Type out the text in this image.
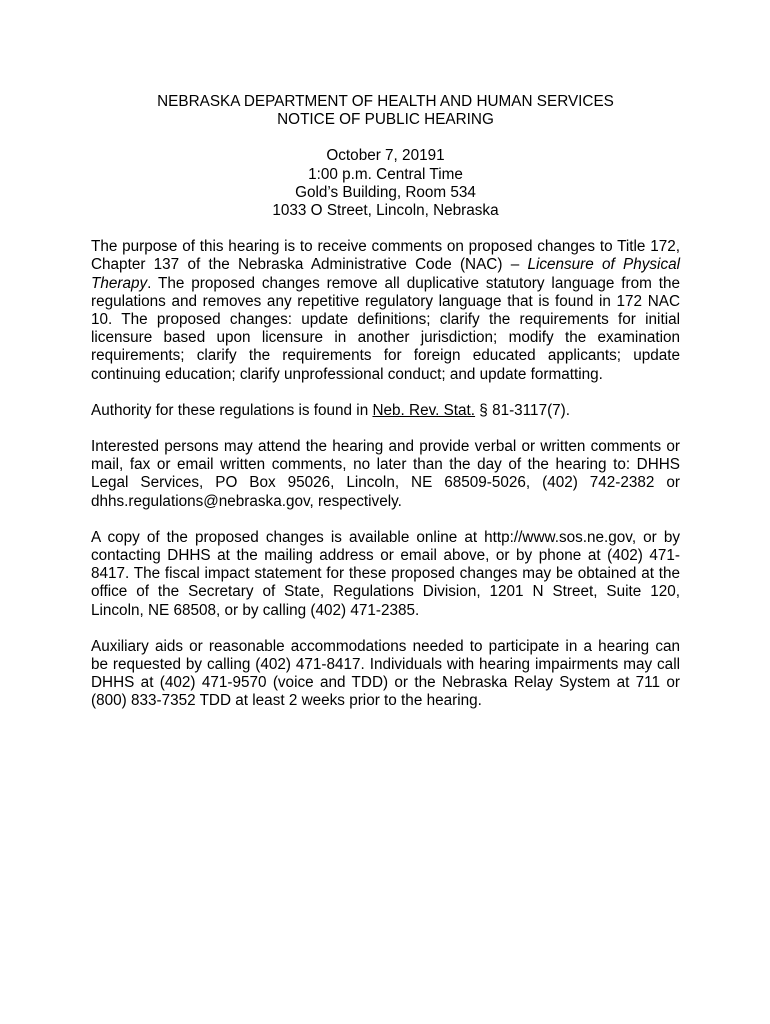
NEBRASKA DEPARTMENT OF HEALTH AND HUMAN SERVICES
NOTICE OF PUBLIC HEARING
October 7, 20191
1:00 p.m. Central Time
Gold’s Building, Room 534
1033 O Street, Lincoln, Nebraska

The purpose of this hearing is to receive comments on proposed changes to Title 172, Chapter 137 of the Nebraska Administrative Code (NAC) – Licensure of Physical Therapy. The proposed changes remove all duplicative statutory language from the regulations and removes any repetitive regulatory language that is found in 172 NAC 10. The proposed changes: update definitions; clarify the requirements for initial licensure based upon licensure in another jurisdiction; modify the examination requirements; clarify the requirements for foreign educated applicants; update continuing education; clarify unprofessional conduct; and update formatting.

Authority for these regulations is found in Neb. Rev. Stat. § 81-3117(7).

Interested persons may attend the hearing and provide verbal or written comments or mail, fax or email written comments, no later than the day of the hearing to: DHHS Legal Services, PO Box 95026, Lincoln, NE 68509-5026, (402) 742-2382 or dhhs.regulations@nebraska.gov, respectively.

A copy of the proposed changes is available online at http://www.sos.ne.gov, or by contacting DHHS at the mailing address or email above, or by phone at (402) 471-8417. The fiscal impact statement for these proposed changes may be obtained at the office of the Secretary of State, Regulations Division, 1201 N Street, Suite 120, Lincoln, NE 68508, or by calling (402) 471-2385.

Auxiliary aids or reasonable accommodations needed to participate in a hearing can be requested by calling (402) 471-8417. Individuals with hearing impairments may call DHHS at (402) 471-9570 (voice and TDD) or the Nebraska Relay System at 711 or (800) 833-7352 TDD at least 2 weeks prior to the hearing.
